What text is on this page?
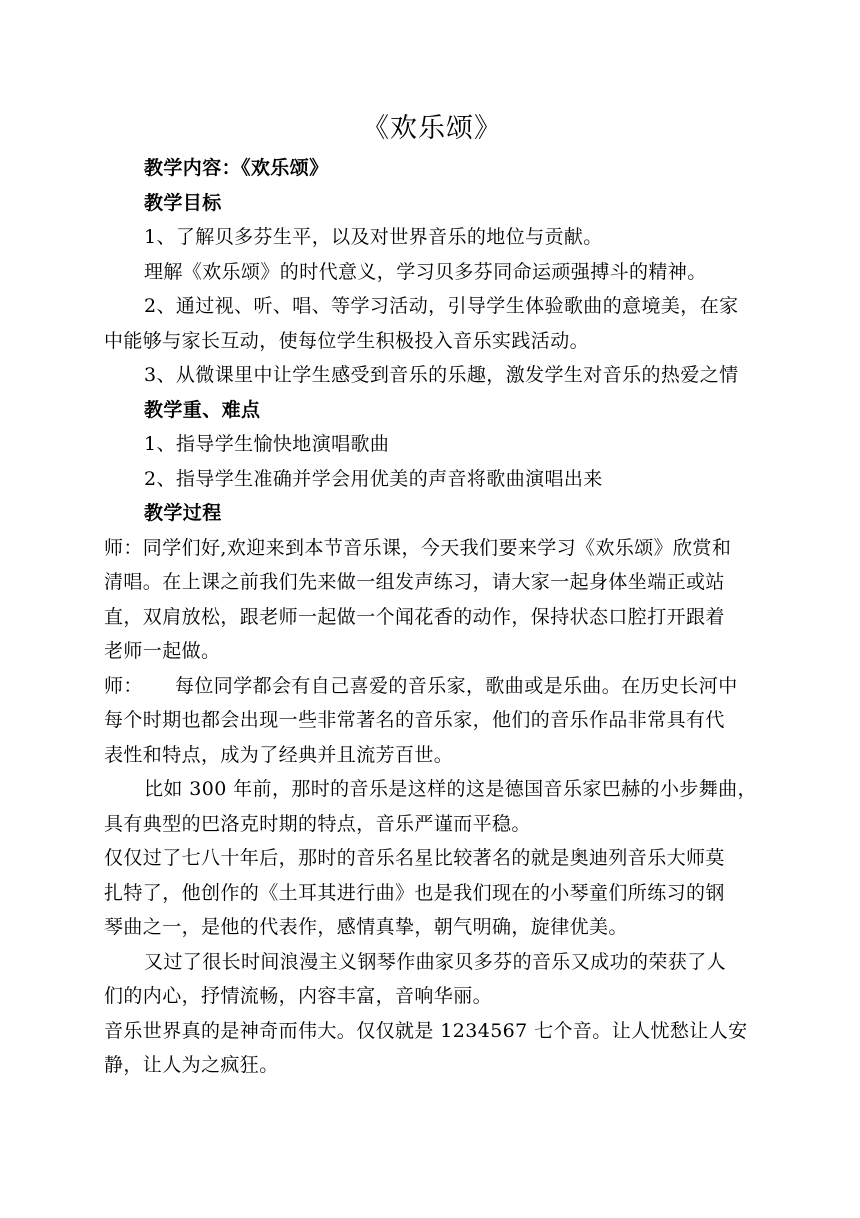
《欢乐颂》
教学内容：《欢乐颂》
教学目标
1、了解贝多芬生平，以及对世界音乐的地位与贡献。
理解《欢乐颂》的时代意义，学习贝多芬同命运顽强搏斗的精神。
2、通过视、听、唱、等学习活动，引导学生体验歌曲的意境美，在家
中能够与家长互动，使每位学生积极投入音乐实践活动。
3、从微课里中让学生感受到音乐的乐趣，激发学生对音乐的热爱之情
教学重、难点
1、指导学生愉快地演唱歌曲
2、指导学生准确并学会用优美的声音将歌曲演唱出来
教学过程
师：同学们好,欢迎来到本节音乐课，今天我们要来学习《欢乐颂》欣赏和
清唱。在上课之前我们先来做一组发声练习，请大家一起身体坐端正或站
直，双肩放松，跟老师一起做一个闻花香的动作，保持状态口腔打开跟着
老师一起做。
师：     每位同学都会有自己喜爱的音乐家，歌曲或是乐曲。在历史长河中
每个时期也都会出现一些非常著名的音乐家，他们的音乐作品非常具有代
表性和特点，成为了经典并且流芳百世。
比如 300 年前，那时的音乐是这样的这是德国音乐家巴赫的小步舞曲，
具有典型的巴洛克时期的特点，音乐严谨而平稳。
仅仅过了七八十年后，那时的音乐名星比较著名的就是奥迪列音乐大师莫
扎特了，他创作的《土耳其进行曲》也是我们现在的小琴童们所练习的钢
琴曲之一，是他的代表作，感情真挚，朝气明确，旋律优美。
又过了很长时间浪漫主义钢琴作曲家贝多芬的音乐又成功的荣获了人
们的内心，抒情流畅，内容丰富，音响华丽。
音乐世界真的是神奇而伟大。仅仅就是 1234567 七个音。让人忧愁让人安
静，让人为之疯狂。
